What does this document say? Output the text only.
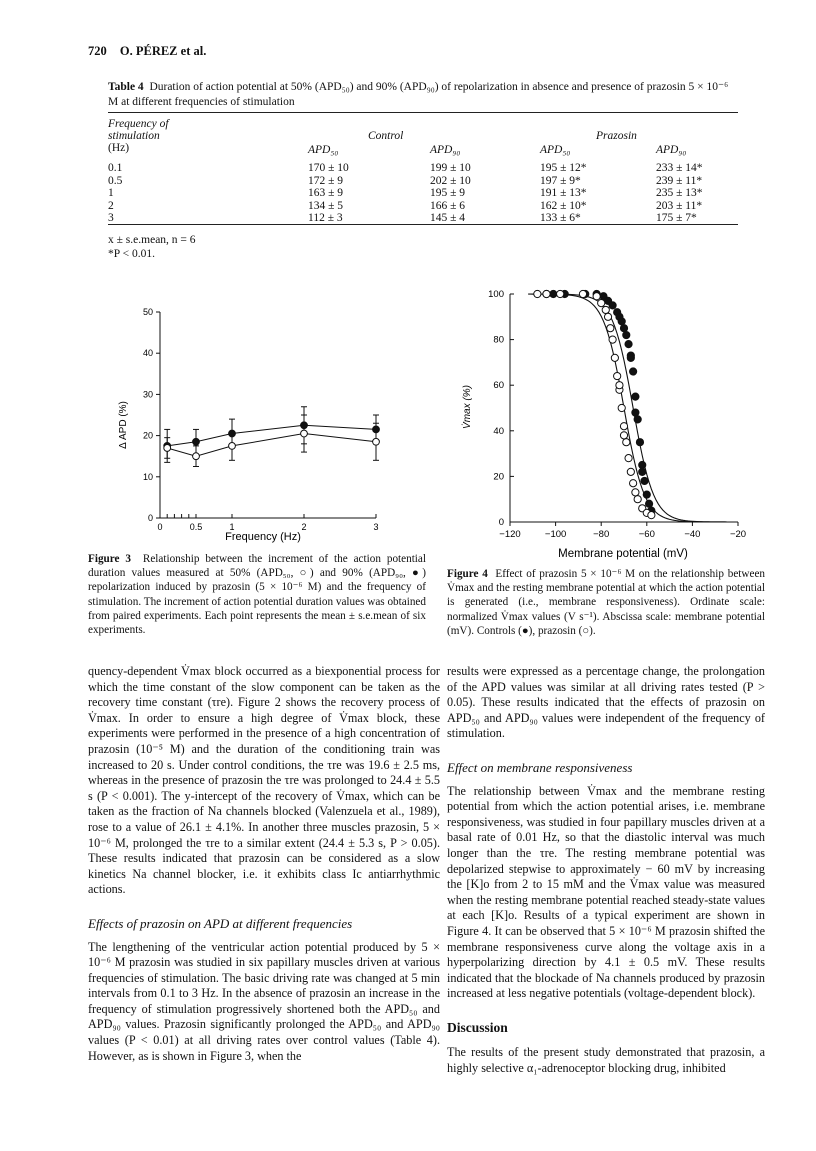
720 O. PÉREZ et al.
Table 4 Duration of action potential at 50% (APD₅₀) and 90% (APD₉₀) of repolarization in absence and presence of prazosin 5 × 10⁻⁶ M at different frequencies of stimulation
Frequency of
stimulation
(Hz)
Control	Prazosin
APD₅₀	APD₉₀	APD₅₀	APD₉₀
0.1	170 ± 10	199 ± 10	195 ± 12*	233 ± 14*
0.5	172 ± 9	202 ± 10	197 ± 9*	239 ± 11*
1	163 ± 9	195 ± 9	191 ± 13*	235 ± 13*
2	134 ± 5	166 ± 6	162 ± 10*	203 ± 11*
3	112 ± 3	145 ± 4	133 ± 6*	175 ± 7*
x ± s.e.mean, n = 6
*P < 0.01.
0
10
20
30
40
50
0	0.5	1	2	3
Frequency (Hz)
Δ APD (%)
0
20
40
60
80
100
−120	−100	−80	−60	−40	−20
Membrane potential (mV)
V̇max (%)
Figure 3 Relationship between the increment of the action potential duration values measured at 50% (APD₅₀, ○) and 90% (APD₉₀, ●) repolarization induced by prazosin (5 × 10⁻⁶ M) and the frequency of stimulation. The increment of action potential duration values was obtained from paired experiments. Each point represents the mean ± s.e.mean of six experiments.
Figure 4 Effect of prazosin 5 × 10⁻⁶ M on the relationship between V̇max and the resting membrane potential at which the action potential is generated (i.e., membrane responsiveness). Ordinate scale: normalized V̇max values (V s⁻¹). Abscissa scale: membrane potential (mV). Controls (●), prazosin (○).

quency-dependent V̇max block occurred as a biexponential process for which the time constant of the slow component can be taken as the recovery time constant (τre). Figure 2 shows the recovery process of V̇max. In order to ensure a high degree of V̇max block, these experiments were performed in the presence of a high concentration of prazosin (10⁻⁵ M) and the duration of the conditioning train was increased to 20 s. Under control conditions, the τre was 19.6 ± 2.5 ms, whereas in the presence of prazosin the τre was prolonged to 24.4 ± 5.5 s (P < 0.001). The y-intercept of the recovery of V̇max, which can be taken as the fraction of Na channels blocked (Valenzuela et al., 1989), rose to a value of 26.1 ± 4.1%. In another three muscles prazosin, 5 × 10⁻⁶ M, prolonged the τre to a similar extent (24.4 ± 5.3 s, P > 0.05). These results indicated that prazosin can be considered as a slow kinetics Na channel blocker, i.e. it exhibits class Ic antiarrhythmic actions.

Effects of prazosin on APD at different frequencies

The lengthening of the ventricular action potential produced by 5 × 10⁻⁶ M prazosin was studied in six papillary muscles driven at various frequencies of stimulation. The basic driving rate was changed at 5 min intervals from 0.1 to 3 Hz. In the absence of prazosin an increase in the frequency of stimulation progressively shortened both the APD₅₀ and APD₉₀ values. Prazosin significantly prolonged the APD₅₀ and APD₉₀ values (P < 0.01) at all driving rates over control values (Table 4). However, as is shown in Figure 3, when the

results were expressed as a percentage change, the prolongation of the APD values was similar at all driving rates tested (P > 0.05). These results indicated that the effects of prazosin on APD₅₀ and APD₉₀ values were independent of the frequency of stimulation.

Effect on membrane responsiveness

The relationship between V̇max and the membrane resting potential from which the action potential arises, i.e. membrane responsiveness, was studied in four papillary muscles driven at a basal rate of 0.01 Hz, so that the diastolic interval was much longer than the τre. The resting membrane potential was depolarized stepwise to approximately − 60 mV by increasing the [K]o from 2 to 15 mM and the V̇max value was measured when the resting membrane potential reached steady-state values at each [K]o. Results of a typical experiment are shown in Figure 4. It can be observed that 5 × 10⁻⁶ M prazosin shifted the membrane responsiveness curve along the voltage axis in a hyperpolarizing direction by 4.1 ± 0.5 mV. These results indicated that the blockade of Na channels produced by prazosin increased at less negative potentials (voltage-dependent block).

Discussion

The results of the present study demonstrated that prazosin, a highly selective α₁-adrenoceptor blocking drug, inhibited
